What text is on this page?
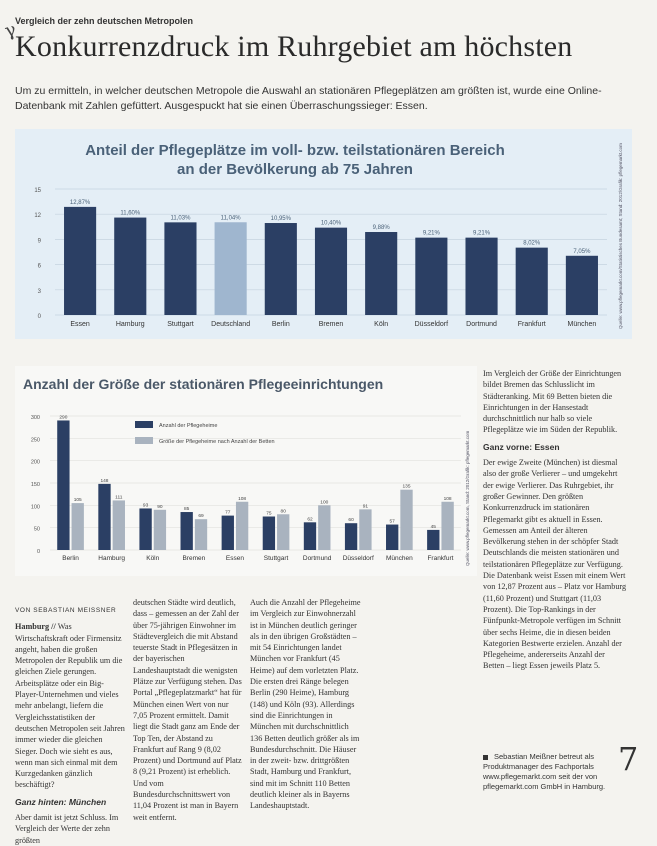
γ
Vergleich der zehn deutschen Metropolen
Konkurrenzdruck im Ruhrgebiet am höchsten
Um zu ermitteln, in welcher deutschen Metropole die Auswahl an stationären Pflegeplätzen am größten ist, wurde eine Online-Datenbank mit Zahlen gefüttert. Ausgespuckt hat sie einen Überraschungssieger: Essen.
Anteil der Pflegeplätze im voll- bzw. teilstationären Bereich
an der Bevölkerung ab 75 Jahren
15
12
9
6
3
0
12,87%
Essen
11,60%
Hamburg
11,03%
Stuttgart
11,04%
Deutschland
10,95%
Berlin
10,40%
Bremen
9,88%
Köln
9,21%
Düsseldorf
9,21%
Dortmund
8,02%
Frankfurt
7,05%
München	Quelle: www.pflegemarkt.com/Statistisches Bundesamt; Stand: 2012/Grafik: pflegemarkt.com
Anzahl der Größe der stationären Pflegeeinrichtungen
300
250
200
150
100
50
0
Anzahl der Pflegeheime
Größe der Pflegeheime nach Anzahl der Betten
290
105
Berlin
148
111
Hamburg
93 90
Köln
85
69
Bremen
77
108
Essen
75 80
Stuttgart
62
100
Dortmund
60
91
Düsseldorf
57
135
München
45
108
Frankfurt	Quelle: www.pflegemarkt.com, Stand: 2012/Grafik: pflegemarkt.com
VON SEBASTIAN MEISSNER

Hamburg // Was Wirtschaftskraft oder Firmensitz angeht, haben die großen Metropolen der Republik um die gleichen Ziele gerungen. Arbeitsplätze oder ein Big-Player-Unternehmen und vieles mehr anbelangt, liefern die Vergleichsstatistiken der deutschen Metropolen seit Jahren immer wieder die gleichen Sieger. Doch wie sieht es aus, wenn man sich einmal mit dem Kurzgedanken gänzlich beschäftigt?

Ganz hinten: München

Aber damit ist jetzt Schluss. Im Vergleich der Werte der zehn größten

deutschen Städte wird deutlich, dass – gemessen an der Zahl der über 75-jährigen Einwohner im Städtevergleich die mit Abstand teuerste Stadt in Pflegesätzen in der bayerischen Landeshauptstadt die wenigsten Plätze zur Verfügung stehen. Das Portal „Pflegeplatzmarkt“ hat für München einen Wert von nur 7,05 Prozent ermittelt. Damit liegt die Stadt ganz am Ende der Top Ten, der Abstand zu Frankfurt auf Rang 9 (8,02 Prozent) und Dortmund auf Platz 8 (9,21 Prozent) ist erheblich. Und vom Bundesdurchschnittswert von 11,04 Prozent ist man in Bayern weit entfernt.

Auch die Anzahl der Pflegeheime im Vergleich zur Einwohnerzahl ist in München deutlich geringer als in den übrigen Großstädten – mit 54 Einrichtungen landet München vor Frankfurt (45 Heime) auf dem vorletzten Platz. Die ersten drei Ränge belegen Berlin (290 Heime), Hamburg (148) und Köln (93). Allerdings sind die Einrichtungen in München mit durchschnittlich 136 Betten deutlich größer als im Bundesdurchschnitt. Die Häuser in der zweit- bzw. drittgrößten Stadt, Hamburg und Frankfurt, sind mit im Schnitt 110 Betten deutlich kleiner als in Bayerns Landeshauptstadt.

Im Vergleich der Größe der Einrichtungen bildet Bremen das Schlusslicht im Städteranking. Mit 69 Betten bieten die Einrichtungen in der Hansestadt durchschnittlich nur halb so viele Pflegeplätze wie im Süden der Republik.

Ganz vorne: Essen

Der ewige Zweite (München) ist diesmal also der große Verlierer – und umgekehrt der ewige Verlierer. Das Ruhrgebiet, ihr großer Gewinner. Den größten Konkurrenzdruck im stationären Pflegemarkt gibt es aktuell in Essen. Gemessen am Anteil der älteren Bevölkerung stehen in der schöpfer Stadt Deutschlands die meisten stationären und teilstationären Pflegeplätze zur Verfügung. Die Datenbank weist Essen mit einem Wert von 12,87 Prozent aus – Platz vor Hamburg (11,60 Prozent) und Stuttgart (11,03 Prozent). Die Top-Rankings in der Fünfpunkt-Metropole verfügen im Schnitt über sechs Heime, die in diesen beiden Kategorien Bestwerte erzielen. Anzahl der Pflegeheime, andererseits Anzahl der Betten – liegt Essen jeweils Platz 5.

Sebastian Meißner betreut als Produktmanager des Fachportals www.pflegemarkt.com seit der von pflegemarkt.com GmbH in Hamburg.
7
